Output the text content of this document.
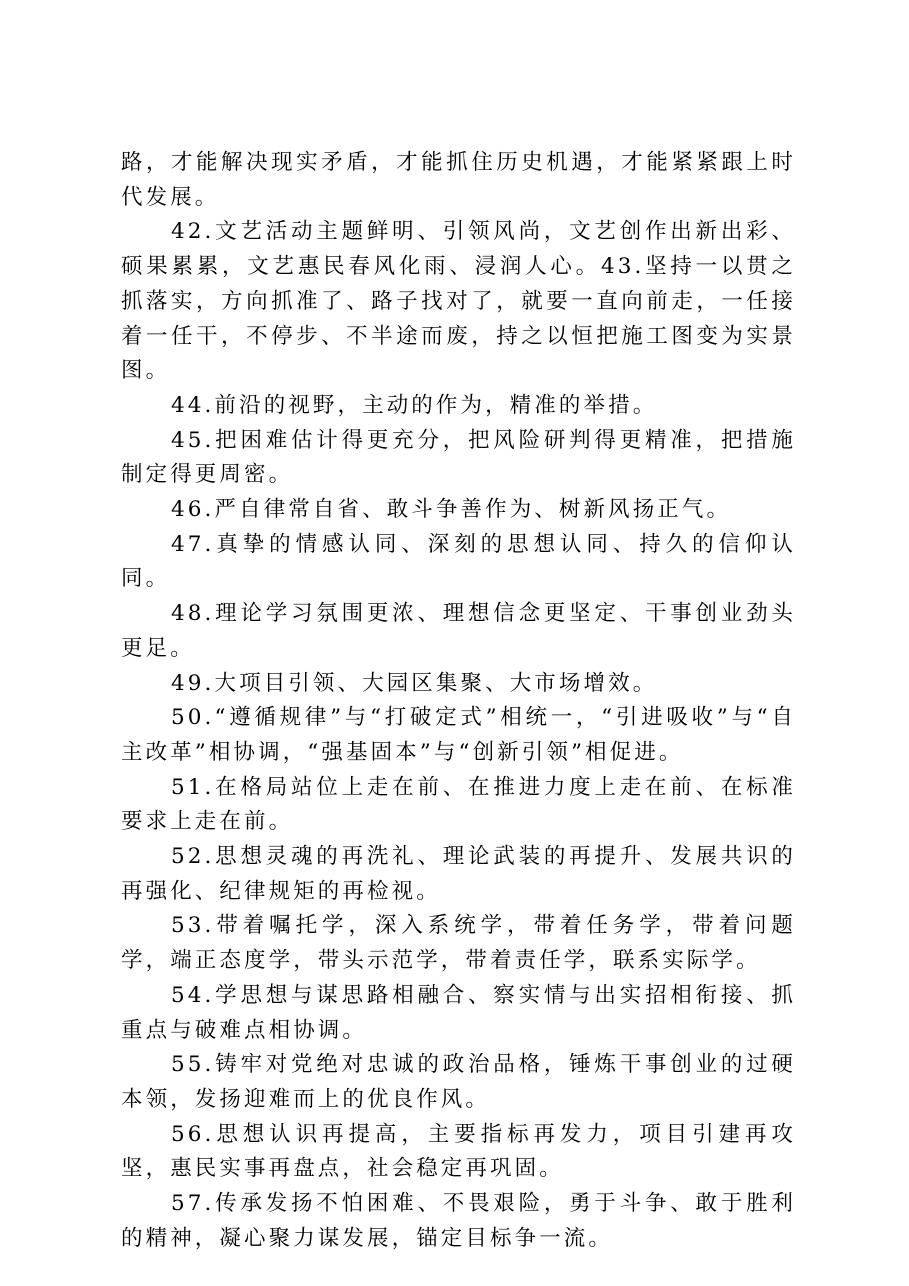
路，才能解决现实矛盾，才能抓住历史机遇，才能紧紧跟上时代发展。

42.文艺活动主题鲜明、引领风尚，文艺创作出新出彩、硕果累累，文艺惠民春风化雨、浸润人心。43.坚持一以贯之抓落实，方向抓准了、路子找对了，就要一直向前走，一任接着一任干，不停步、不半途而废，持之以恒把施工图变为实景图。

44.前沿的视野，主动的作为，精准的举措。

45.把困难估计得更充分，把风险研判得更精准，把措施制定得更周密。

46.严自律常自省、敢斗争善作为、树新风扬正气。

47.真挚的情感认同、深刻的思想认同、持久的信仰认同。

48.理论学习氛围更浓、理想信念更坚定、干事创业劲头更足。

49.大项目引领、大园区集聚、大市场增效。

50.“遵循规律”与“打破定式”相统一，“引进吸收”与“自主改革”相协调，“强基固本”与“创新引领”相促进。

51.在格局站位上走在前、在推进力度上走在前、在标准要求上走在前。

52.思想灵魂的再洗礼、理论武装的再提升、发展共识的再强化、纪律规矩的再检视。

53.带着嘱托学，深入系统学，带着任务学，带着问题学，端正态度学，带头示范学，带着责任学，联系实际学。

54.学思想与谋思路相融合、察实情与出实招相衔接、抓重点与破难点相协调。

55.铸牢对党绝对忠诚的政治品格，锤炼干事创业的过硬本领，发扬迎难而上的优良作风。

56.思想认识再提高，主要指标再发力，项目引建再攻坚，惠民实事再盘点，社会稳定再巩固。

57.传承发扬不怕困难、不畏艰险，勇于斗争、敢于胜利的精神，凝心聚力谋发展，锚定目标争一流。
